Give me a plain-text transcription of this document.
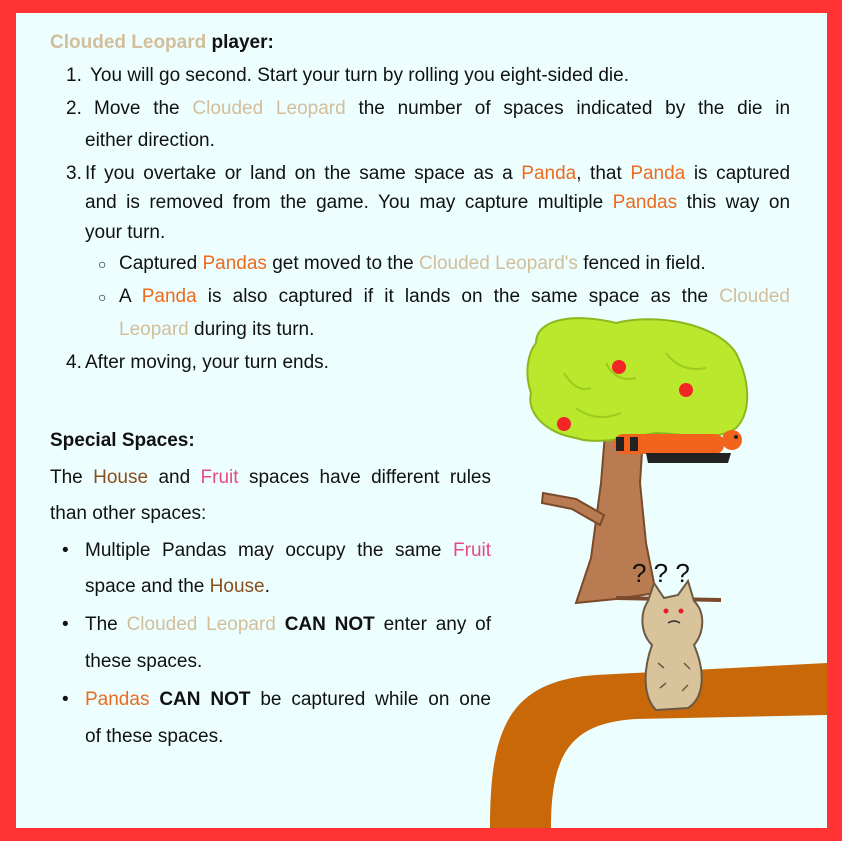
? ? ?
Clouded Leopard player:
1. You will go second. Start your turn by rolling you eight-sided die.
2. Move the Clouded Leopard the number of spaces indicated by the die in
either direction.
3. If you overtake or land on the same space as a Panda, that Panda is captured
and is removed from the game. You may capture multiple Pandas this way on
your turn.
○ Captured Pandas get moved to the Clouded Leopard's fenced in field.
○ A Panda is also captured if it lands on the same space as the Clouded
Leopard during its turn.
4. After moving, your turn ends.
Special Spaces:
The House and Fruit spaces have different rules
than other spaces:
• Multiple Pandas may occupy the same Fruit
space and the House.
• The Clouded Leopard CAN NOT enter any of
these spaces.
• Pandas CAN NOT be captured while on one
of these spaces.
